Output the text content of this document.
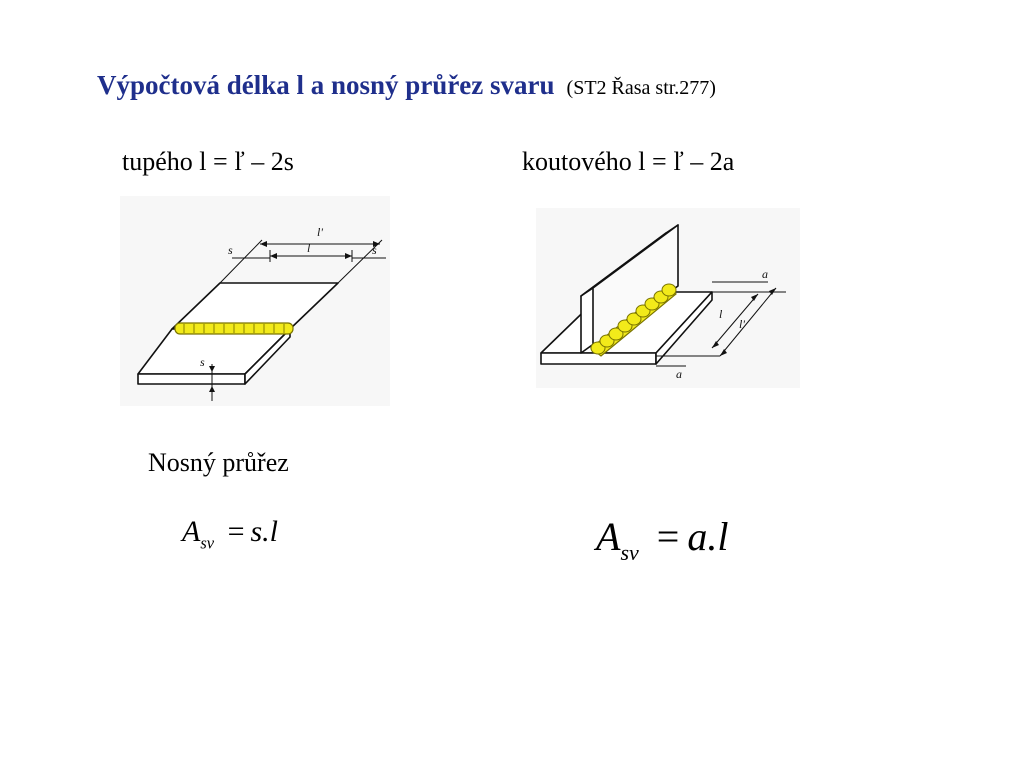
Výpočtová délka l a nosný průřez svaru (ST2 Řasa str.277)
tupého l = ľ – 2s	koutového l = ľ – 2a
l'
l
s	s
s
a
l
l'
a
Nosný průřez
$A_{sv} = s.l$	$A_{sv} = a.l$
